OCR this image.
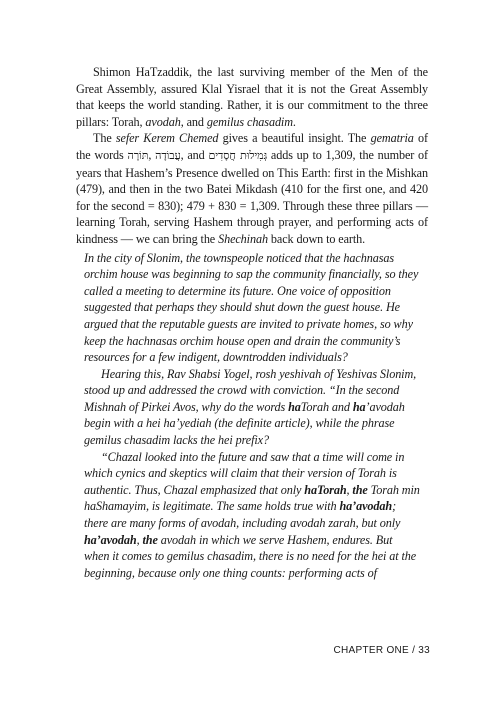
Shimon HaTzaddik, the last surviving member of the Men of the Great Assembly, assured Klal Yisrael that it is not the Great Assembly that keeps the world standing. Rather, it is our commitment to the three pillars: Torah, avodah, and gemilus chasadim.

The sefer Kerem Chemed gives a beautiful insight. The gematria of the words תּוֹרָה, עֲבוֹדָה, and גְּמִילוּת חֲסָדִים adds up to 1,309, the number of years that Hashem’s Presence dwelled on This Earth: first in the Mishkan (479), and then in the two Batei Mikdash (410 for the first one, and 420 for the second = 830); 479 + 830 = 1,309. Through these three pillars — learning Torah, serving Hashem through prayer, and performing acts of kindness — we can bring the Shechinah back down to earth.

In the city of Slonim, the townspeople noticed that the hachnasas orchim house was beginning to sap the community financially, so they called a meeting to determine its future. One voice of opposition suggested that perhaps they should shut down the guest house. He argued that the reputable guests are invited to private homes, so why keep the hachnasas orchim house open and drain the community’s resources for a few indigent, downtrodden individuals?

Hearing this, Rav Shabsi Yogel, rosh yeshivah of Yeshivas Slonim, stood up and addressed the crowd with conviction. “In the second Mishnah of Pirkei Avos, why do the words haTorah and ha’avodah begin with a hei ha’yediah (the definite article), while the phrase gemilus chasadim lacks the hei prefix?

“Chazal looked into the future and saw that a time will come in which cynics and skeptics will claim that their version of Torah is authentic. Thus, Chazal emphasized that only haTorah, the Torah min haShamayim, is legitimate. The same holds true with ha’avodah; there are many forms of avodah, including avodah zarah, but only ha’avodah, the avodah in which we serve Hashem, endures. But when it comes to gemilus chasadim, there is no need for the hei at the beginning, because only one thing counts: performing acts of

CHAPTER ONE / 33
